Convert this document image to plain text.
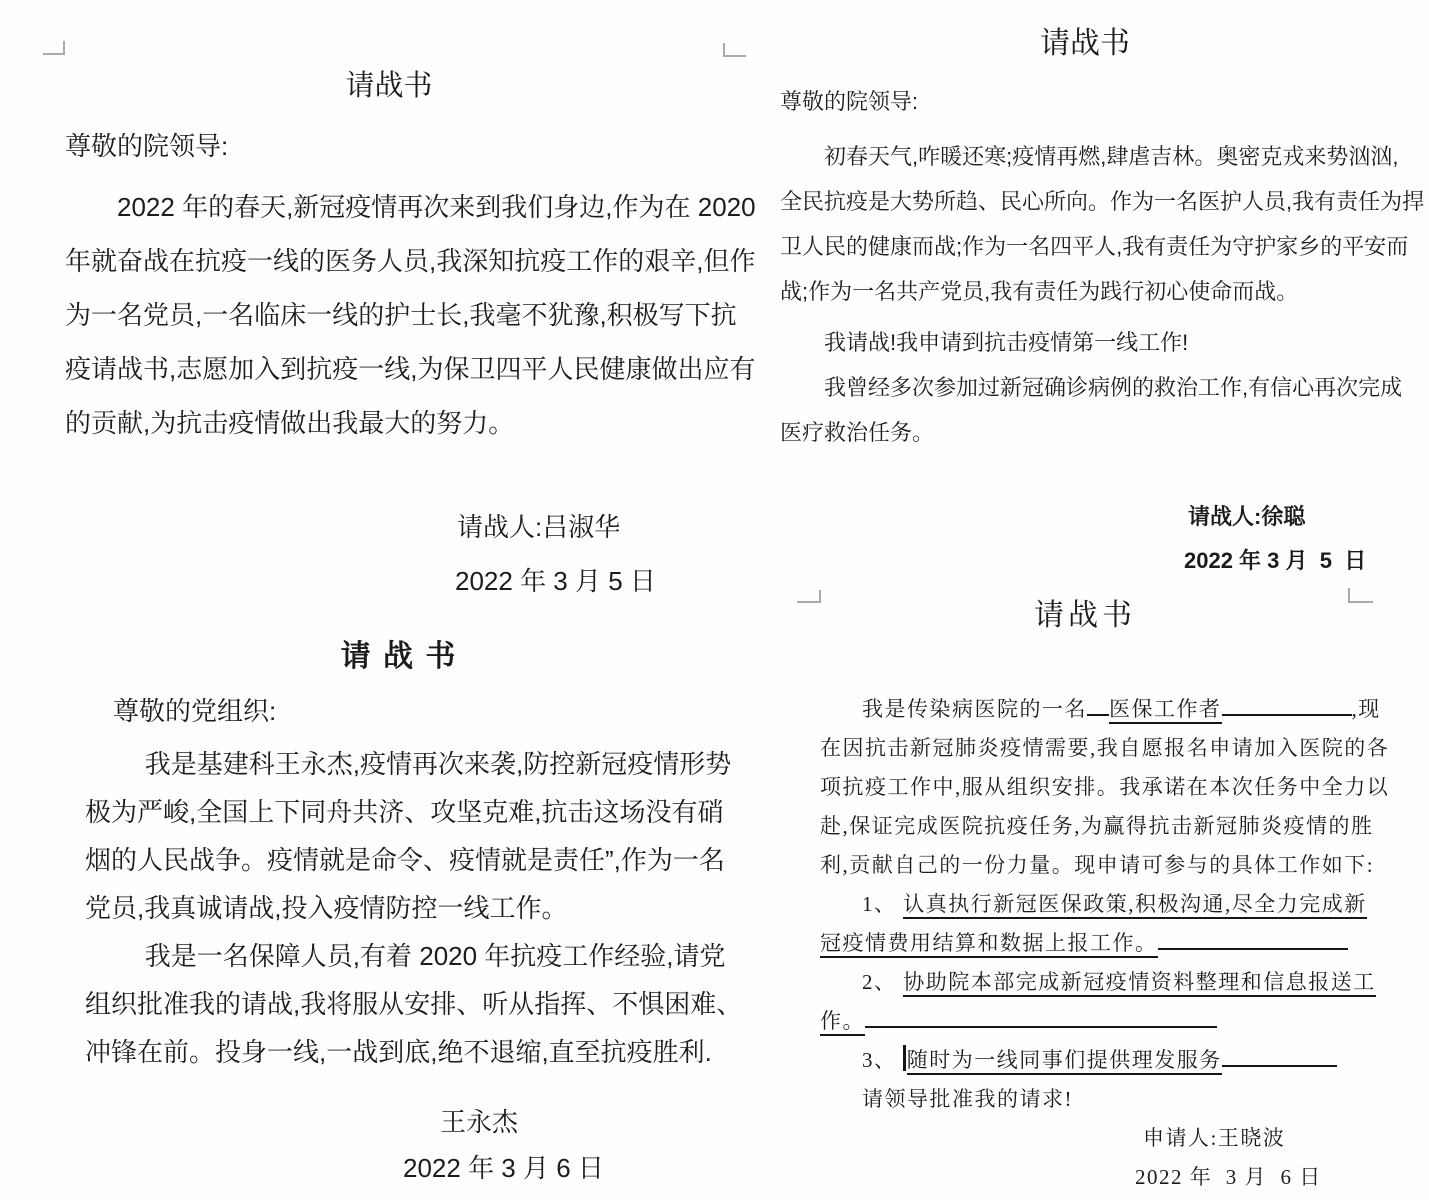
请战书
尊敬的院领导:
2022 年的春天,新冠疫情再次来到我们身边,作为在 2020
年就奋战在抗疫一线的医务人员,我深知抗疫工作的艰辛,但作
为一名党员,一名临床一线的护士长,我毫不犹豫,积极写下抗
疫请战书,志愿加入到抗疫一线,为保卫四平人民健康做出应有
的贡献,为抗击疫情做出我最大的努力。
请战人:吕淑华
2022 年 3 月 5 日
请 战 书
尊敬的党组织:
我是基建科王永杰,疫情再次来袭,防控新冠疫情形势
极为严峻,全国上下同舟共济、攻坚克难,抗击这场没有硝
烟的人民战争。疫情就是命令、疫情就是责任”,作为一名
党员,我真诚请战,投入疫情防控一线工作。
我是一名保障人员,有着 2020 年抗疫工作经验,请党
组织批准我的请战,我将服从安排、听从指挥、不惧困难、
冲锋在前。投身一线,一战到底,绝不退缩,直至抗疫胜利.
王永杰
2022 年 3 月 6 日
请战书
尊敬的院领导:
初春天气,咋暖还寒;疫情再燃,肆虐吉林。奥密克戎来势汹汹,
全民抗疫是大势所趋、民心所向。作为一名医护人员,我有责任为捍
卫人民的健康而战;作为一名四平人,我有责任为守护家乡的平安而
战;作为一名共产党员,我有责任为践行初心使命而战。
我请战!我申请到抗击疫情第一线工作!
我曾经多次参加过新冠确诊病例的救治工作,有信心再次完成
医疗救治任务。
请战人:徐聪
2022 年 3 月  5  日
请战书
我是传染病医院的一名 医保工作者	,现
在因抗击新冠肺炎疫情需要,我自愿报名申请加入医院的各
项抗疫工作中,服从组织安排。我承诺在本次任务中全力以
赴,保证完成医院抗疫任务,为赢得抗击新冠肺炎疫情的胜
利,贡献自己的一份力量。现申请可参与的具体工作如下:
1、 认真执行新冠医保政策,积极沟通,尽全力完成新
冠疫情费用结算和数据上报工作。
2、 协助院本部完成新冠疫情资料整理和信息报送工
作。
3、 随时为一线同事们提供理发服务
请领导批准我的请求!
申请人:王晓波
2022 年  3 月  6 日
